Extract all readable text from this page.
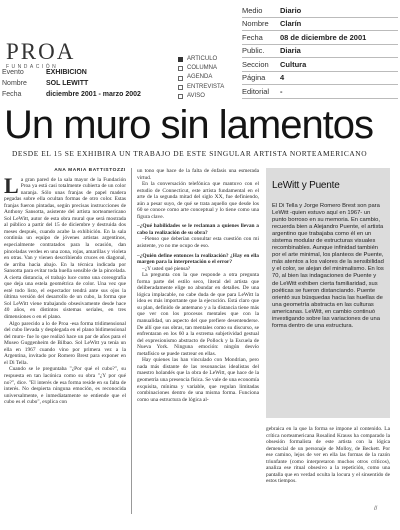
PROA
FUNDACIÓN
Evento	EXHIBICION
Nombre	SOL LEWITT
Fecha	diciembre 2001 - marzo 2002
ARTICULO
COLUMNA
AGENDA
ENTREVISTA
AVISO
Medio	Diario
Nombre	Clarín
Fecha	08 de diciembre de 2001
Public.	Diaria
Seccion	Cultura
Página	4
Editorial	-
Un muro sin lamentos
DESDE EL 15 SE EXHIBIRA UN TRABAJO DE ESTE SINGULAR ARTISTA NORTEAMERICANO
ANA MARIA BATTISTOZZI

La gran pared de la sala mayor de la Fundación Proa ya está casi totalmente cubierta de un color naranja. Sólo unas franjas de papel madera pegadas sobre ella ocultan formas de otro color. Estas franjas fueron pintadas, según precisas instrucciones de Anthony Sansotta, asistente del artista norteamericano Sol LeWitt, autor de esta obra mural que será mostrada al público a partir del 15 de diciembre y destruida dos meses después, cuando acabe la exhibición. En la sala continúa un equipo de jóvenes artistas argentinos, especialmente contratados para la ocasión, dan pinceladas verdes en una zona, rojas, amarillas y violeta en otras. Van y vienen describiendo cruces en diagonal, de arriba hacia abajo. En la técnica indicada por Sansotta para evitar toda huella sensible de la pincelada. A cierta distancia, el trabajo luce como una coreografía que deja una estela geométrica de color. Una vez que esté todo listo, el espectador tendrá ante sus ojos la última versión del desarrollo de un cubo, la forma que Sol LeWitt viene trabajando obsesivamente desde hace 40 años, en distintos sistemas seriales, en tres dimensiones o en el plano.

Algo parecido a lo de Proa -esa forma tridimensional del cubo llevada y desplegada en el plano bidimensional del muro- fue lo que realizó hace un par de años para el Museo Guggenheim de Bilbao. Sol LeWitt ya tenía un ella en 1967 cuando vino por primera vez a la Argentina, invitado por Romero Brest para exponer en el Di Tella.

Cuando se le preguntaba "¿Por qué el cubo?", su respuesta en tan lacónica como su obra "¿Y por qué no?", dice. "El interés de esa forma reside en su falta de interés. No despierta ninguna emoción, es reconocida universalmente, e inmediatamente se entiende que el cubo es el cubo", explica con

un tono que hace de la falta de énfasis una esmerada virtud.

En la conversación telefónica que mantuvo con el estudio de Connecticut, este artista fundamental en el arte de la segunda mitad del siglo XX, fue definiendo, aún a pesar suyo, de qué se trata aquello que desde los 60 se conoce como arte conceptual y lo tiene como una figura clave.

–¿Qué habilidades se le reclaman a quienes llevan a cabo la realización de su obra?

–Pienso que deberían consultar esta cuestión con mi asistente, yo no me ocupo de eso.

–¿Quién define entonces la realización? ¿Hay en ella margen para la interpretación o el error?

–¿Y usted qué piensa?

La pregunta con la que responde a otra pregunta forma parte del estilo seco, literal del artista que deliberadamente elige no abundar en detalles. De una lógica implacable, no cabe duda de que para LeWitt la idea es más importante que la ejecución. Está claro que su plan, definido de antemano y a la distancia tiene más que ver con los procesos mentales que con la manualidad, un aspecto del que prefiere desentenderse. De allí que sus obras, tan mentales como su discurso, se enfrentaran en los 60 a la extrema subjetividad gestual del expresionismo abstracto de Pollock y la Escuela de Nueva York. Ninguna emoción: ningún desvío metafísico se puede rastrear en ellas.

Hay quienes las han vinculado con Mondrian, pero nada más distante de las resonancias idealistas del maestro holandés que la obra de LeWitt, que hace de la geometría una presencia física. Se vale de una economía exquisita, mínima y variable, que regulan limitadas combinaciones dentro de una misma forma. Funciona como una estructura de lógica al-

LeWitt y Puente

El Di Tella y Jorge Romero Brest son para LeWitt -quien estuvo aquí en 1967- un punto borroso en su memoria. En cambio, recuerda bien a Alejandro Puente, el artista argentino que trabajaba como él en un sistema modular de estructuras visuales recombinables. Aunque infinidad también por el arte minimal, los planteos de Puente, más atentos a los valores de la sensibilidad y el color, se alejan del minimalismo. En los 70, al bien las indagaciones de Puente y de LeWitt exhiben cierta familiaridad, sus poéticas se fueron distanciando. Puente orientó sus búsquedas hacia las huellas de una geometría abstracta en las culturas americanas. LeWitt, en cambio continuó investigando sobre las variaciones de una forma dentro de una estructura.

gebraica en la que la forma se impone al contenido. La crítica norteamericana Rosalind Krauss ha comparado la obsesión formalista de este artista con la lógica demencial de un personaje de Molloy, de Beckett. Por ese camino, lejos de ver en ella las formas de la razón triunfante (como interpretaron muchos otros críticos), analiza ese ritual obsesivo a la repetición, como una pantalla que en verdad oculta la locura y el sinsentido de estos tiempos.

//
